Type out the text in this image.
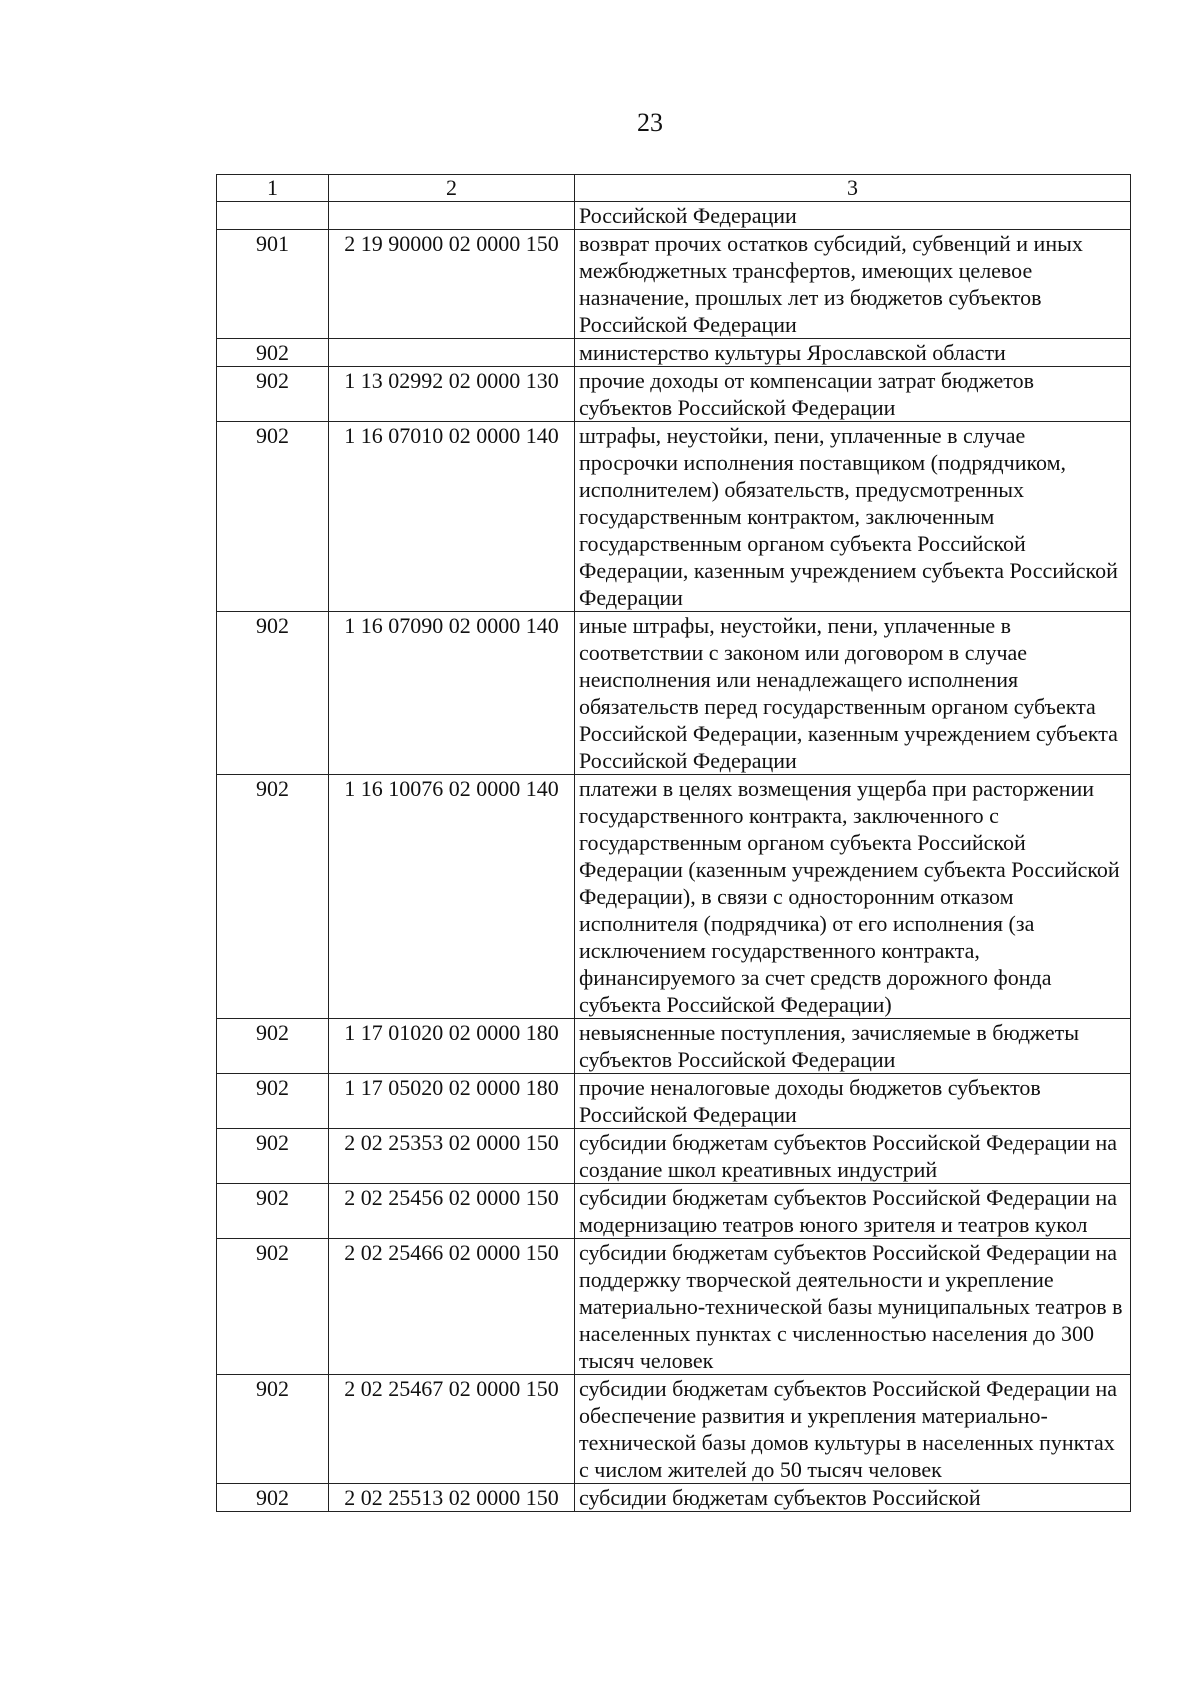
23
1	2	3
		Российской Федерации
901	2 19 90000 02 0000 150	возврат прочих остатков субсидий, субвенций и иных межбюджетных трансфертов, имеющих целевое назначение, прошлых лет из бюджетов субъектов Российской Федерации
902		министерство культуры Ярославской области
902	1 13 02992 02 0000 130	прочие доходы от компенсации затрат бюджетов субъектов Российской Федерации
902	1 16 07010 02 0000 140	штрафы, неустойки, пени, уплаченные в случае просрочки исполнения поставщиком (подрядчиком, исполнителем) обязательств, предусмотренных государственным контрактом, заключенным государственным органом субъекта Российской Федерации, казенным учреждением субъекта Российской Федерации
902	1 16 07090 02 0000 140	иные штрафы, неустойки, пени, уплаченные в соответствии с законом или договором в случае неисполнения или ненадлежащего исполнения обязательств перед государственным органом субъекта Российской Федерации, казенным учреждением субъекта Российской Федерации
902	1 16 10076 02 0000 140	платежи в целях возмещения ущерба при расторжении государственного контракта, заключенного с государственным органом субъекта Российской Федерации (казенным учреждением субъекта Российской Федерации), в связи с односторонним отказом исполнителя (подрядчика) от его исполнения (за исключением государственного контракта, финансируемого за счет средств дорожного фонда субъекта Российской Федерации)
902	1 17 01020 02 0000 180	невыясненные поступления, зачисляемые в бюджеты субъектов Российской Федерации
902	1 17 05020 02 0000 180	прочие неналоговые доходы бюджетов субъектов Российской Федерации
902	2 02 25353 02 0000 150	субсидии бюджетам субъектов Российской Федерации на создание школ креативных индустрий
902	2 02 25456 02 0000 150	субсидии бюджетам субъектов Российской Федерации на модернизацию театров юного зрителя и театров кукол
902	2 02 25466 02 0000 150	субсидии бюджетам субъектов Российской Федерации на поддержку творческой деятельности и укрепление материально-технической базы муниципальных театров в населенных пунктах с численностью населения до 300 тысяч человек
902	2 02 25467 02 0000 150	субсидии бюджетам субъектов Российской Федерации на обеспечение развития и укрепления материально-технической базы домов культуры в населенных пунктах с числом жителей до 50 тысяч человек
902	2 02 25513 02 0000 150	субсидии бюджетам субъектов Российской
